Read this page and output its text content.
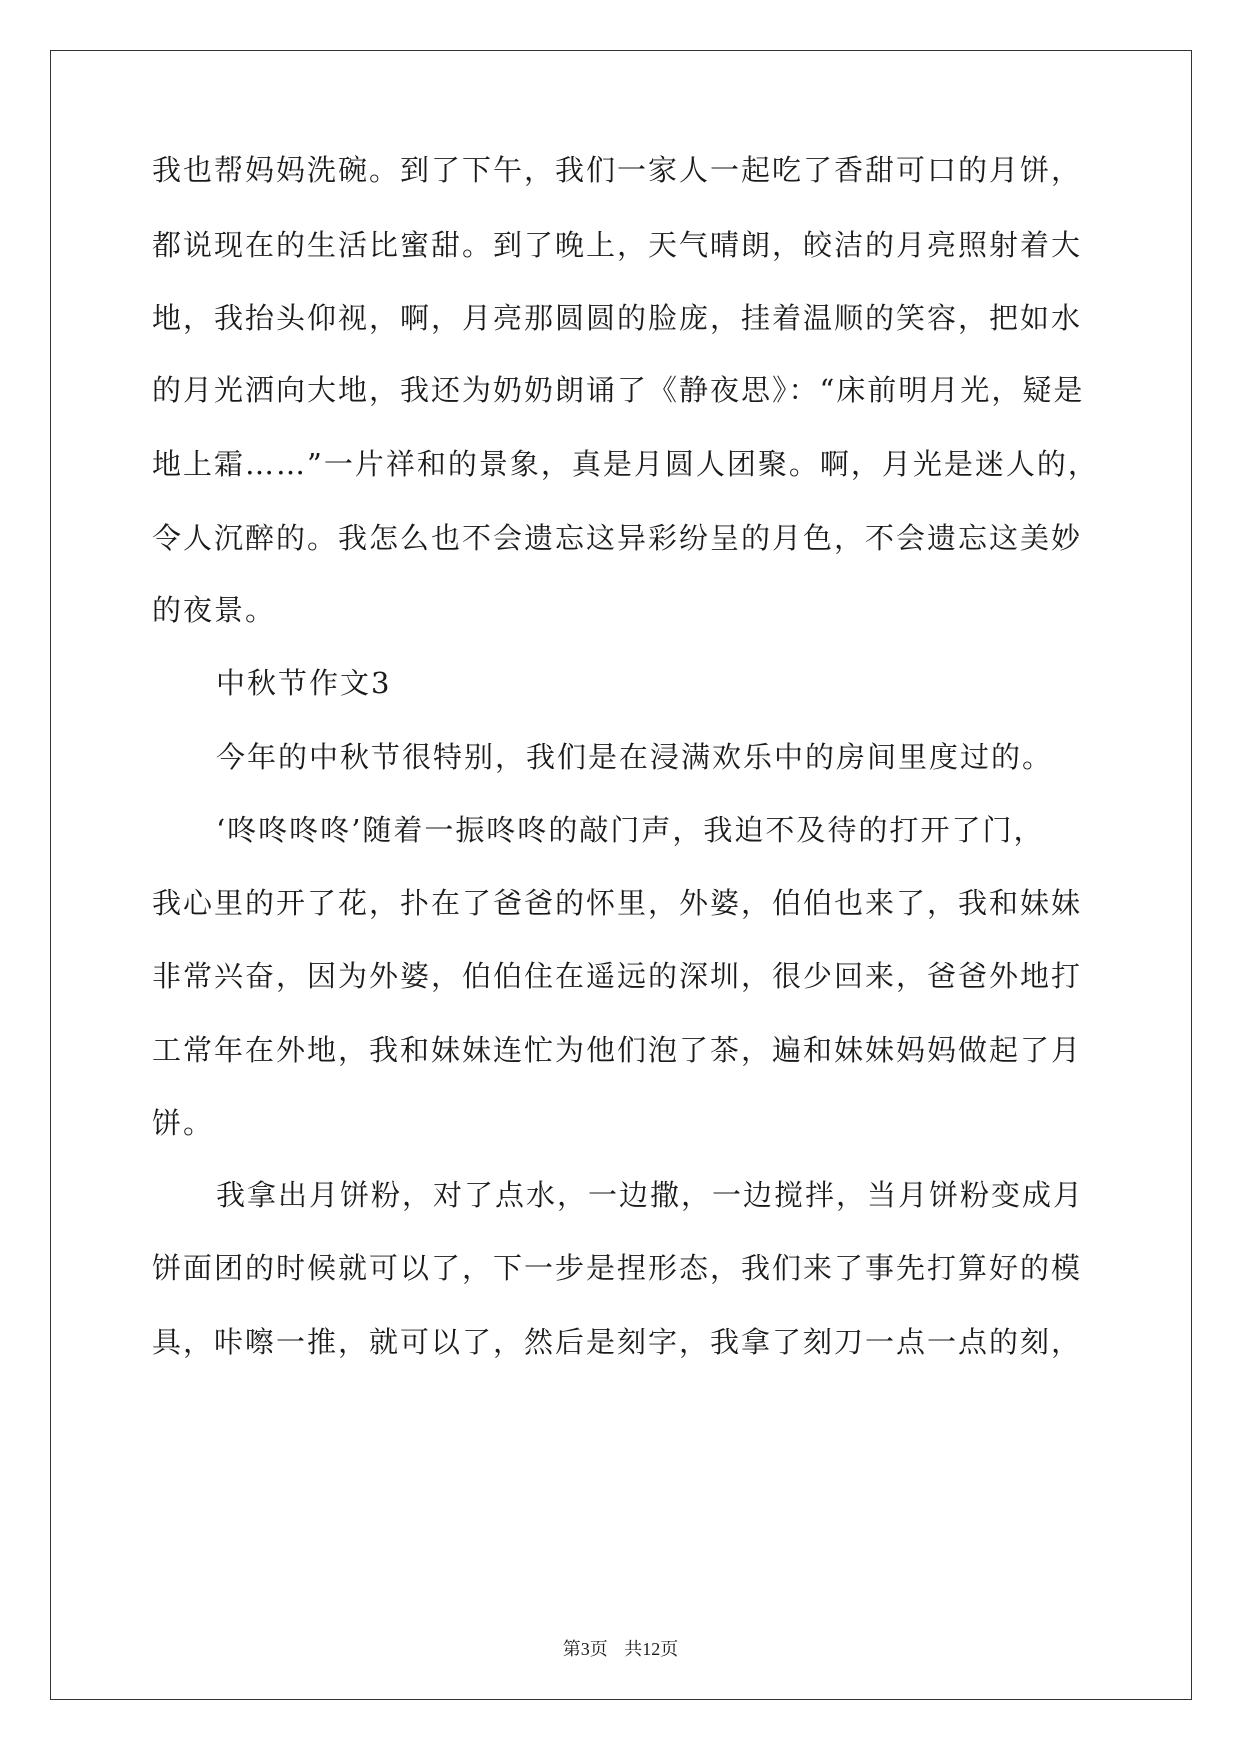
我也帮妈妈洗碗。到了下午，我们一家人一起吃了香甜可口的月饼，
都说现在的生活比蜜甜。到了晚上，天气晴朗，皎洁的月亮照射着大
地，我抬头仰视，啊，月亮那圆圆的脸庞，挂着温顺的笑容，把如水
的月光洒向大地，我还为奶奶朗诵了《静夜思》：“床前明月光，疑是
地上霜……”一片祥和的景象，真是月圆人团聚。啊，月光是迷人的，
令人沉醉的。我怎么也不会遗忘这异彩纷呈的月色，不会遗忘这美妙
的夜景。
中秋节作文3
今年的中秋节很特别，我们是在浸满欢乐中的房间里度过的。
‘咚咚咚咚’随着一振咚咚的敲门声，我迫不及待的打开了门，
我心里的开了花，扑在了爸爸的怀里，外婆，伯伯也来了，我和妹妹
非常兴奋，因为外婆，伯伯住在遥远的深圳，很少回来，爸爸外地打
工常年在外地，我和妹妹连忙为他们泡了茶，遍和妹妹妈妈做起了月
饼。
我拿出月饼粉，对了点水，一边撒，一边搅拌，当月饼粉变成月
饼面团的时候就可以了，下一步是捏形态，我们来了事先打算好的模
具，咔嚓一推，就可以了，然后是刻字，我拿了刻刀一点一点的刻，
第3页 共12页
